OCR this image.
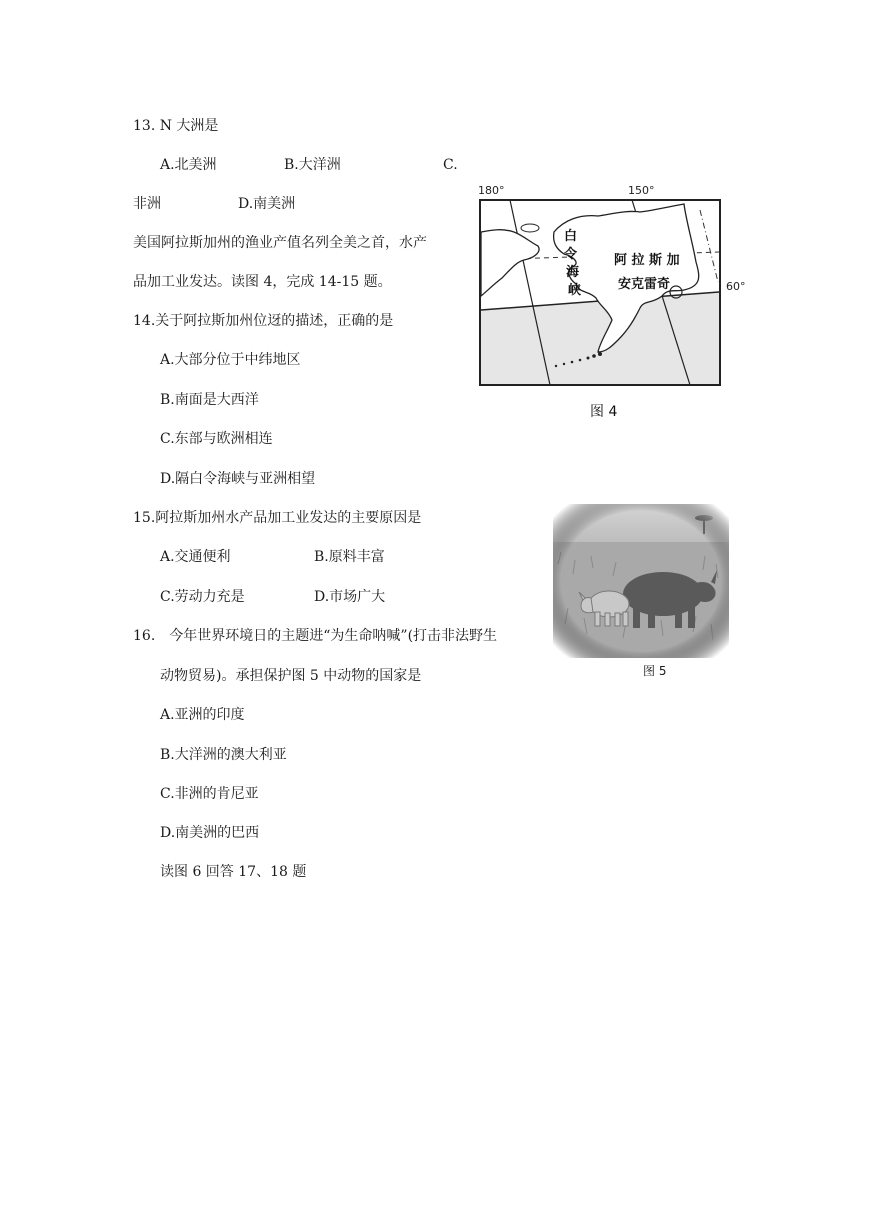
13. N 大洲是
A.北美洲	B.大洋洲	C.
非洲	D.南美洲
美国阿拉斯加州的渔业产值名列全美之首，水产
品加工业发达。读图 4，完成 14-15 题。
14.关于阿拉斯加州位迓的描述，正确的是
A.大部分位于中纬地区
B.南面是大西洋
C.东部与欧洲相连
D.隔白令海峡与亚洲相望
15.阿拉斯加州水产品加工业发达的主要原因是
A.交通便利	B.原料丰富
C.劳动力充是	D.市场广大
16.　今年世界环境日的主题进“为生命呐喊”(打击非法野生
动物贸易)。承担保护图 5 中动物的国家是
A.亚洲的印度
B.大洋洲的澳大利亚
C.非洲的肯尼亚
D.南美洲的巴西
读图 6 回答 17、18 题
180°	150°
60°
白
令
海
峡
阿 拉 斯 加
安克雷奇
图 4
图 5
